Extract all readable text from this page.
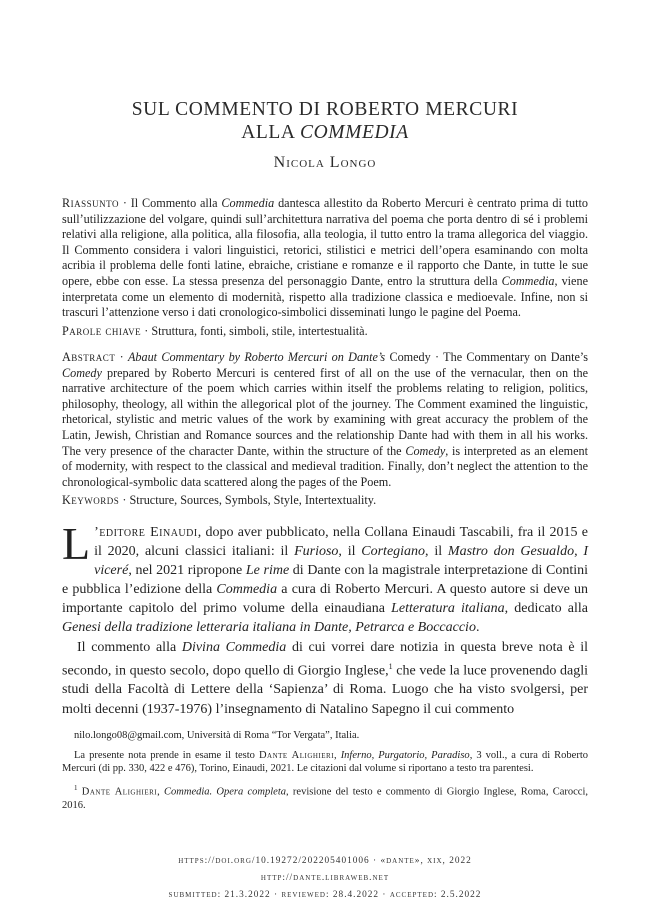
SUL COMMENTO DI ROBERTO MERCURI
ALLA COMMEDIA
Nicola Longo

Riassunto · Il Commento alla Commedia dantesca allestito da Roberto Mercuri è centrato prima di tutto sull’utilizzazione del volgare, quindi sull’architettura narrativa del poema che porta dentro di sé i problemi relativi alla religione, alla politica, alla filosofia, alla teologia, il tutto entro la trama allegorica del viaggio. Il Commento considera i valori linguistici, retorici, stilistici e metrici dell’opera esaminando con molta acribia il problema delle fonti latine, ebraiche, cristiane e romanze e il rapporto che Dante, in tutte le sue opere, ebbe con esse. La stessa presenza del personaggio Dante, entro la struttura della Commedia, viene interpretata come un elemento di modernità, rispetto alla tradizione classica e medioevale. Infine, non si trascuri l’attenzione verso i dati cronologico-simbolici disseminati lungo le pagine del Poema.

Parole chiave · Struttura, fonti, simboli, stile, intertestualità.

Abstract · Abaut Commentary by Roberto Mercuri on Dante’s Comedy · The Commentary on Dante’s Comedy prepared by Roberto Mercuri is centered first of all on the use of the vernacular, then on the narrative architecture of the poem which carries within itself the problems relating to religion, politics, philosophy, theology, all within the allegorical plot of the journey. The Comment examined the linguistic, rhetorical, stylistic and metric values of the work by examining with great accuracy the problem of the Latin, Jewish, Christian and Romance sources and the relationship Dante had with them in all his works. The very presence of the character Dante, within the structure of the Comedy, is interpreted as an element of modernity, with respect to the classical and medieval tradition. Finally, don’t neglect the attention to the chronological-symbolic data scattered along the pages of the Poem.

Keywords · Structure, Sources, Symbols, Style, Intertextuality.

L ’editore Einaudi, dopo aver pubblicato, nella Collana Einaudi Tascabili, fra il 2015 e il 2020, alcuni classici italiani: il Furioso, il Cortegiano, il Mastro don Gesualdo, I viceré, nel 2021 ripropone Le rime di Dante con la magistrale interpretazione di Contini e pubblica l’edizione della Commedia a cura di Roberto Mercuri. A questo autore si deve un importante capitolo del primo volume della einaudiana Letteratura italiana, dedicato alla Genesi della tradizione letteraria italiana in Dante, Petrarca e Boccaccio.

Il commento alla Divina Commedia di cui vorrei dare notizia in questa breve nota è il secondo, in questo secolo, dopo quello di Giorgio Inglese,$^1$ che vede la luce provenendo dagli studi della Facoltà di Lettere della ‘Sapienza’ di Roma. Luogo che ha visto svolgersi, per molti decenni (1937-1976) l’insegnamento di Natalino Sapegno il cui commento

nilo.longo08@gmail.com, Università di Roma “Tor Vergata”, Italia.

La presente nota prende in esame il testo Dante Alighieri, Inferno, Purgatorio, Paradiso, 3 voll., a cura di Roberto Mercuri (di pp. 330, 422 e 476), Torino, Einaudi, 2021. Le citazioni dal volume si riportano a testo tra parentesi.

$^1$ Dante Alighieri, Commedia. Opera completa, revisione del testo e commento di Giorgio Inglese, Roma, Carocci, 2016.

https://doi.org/10.19272/202205401006 · «dante», xix, 2022
http://dante.libraweb.net
submitted: 21.3.2022 · reviewed: 28.4.2022 · accepted: 2.5.2022
